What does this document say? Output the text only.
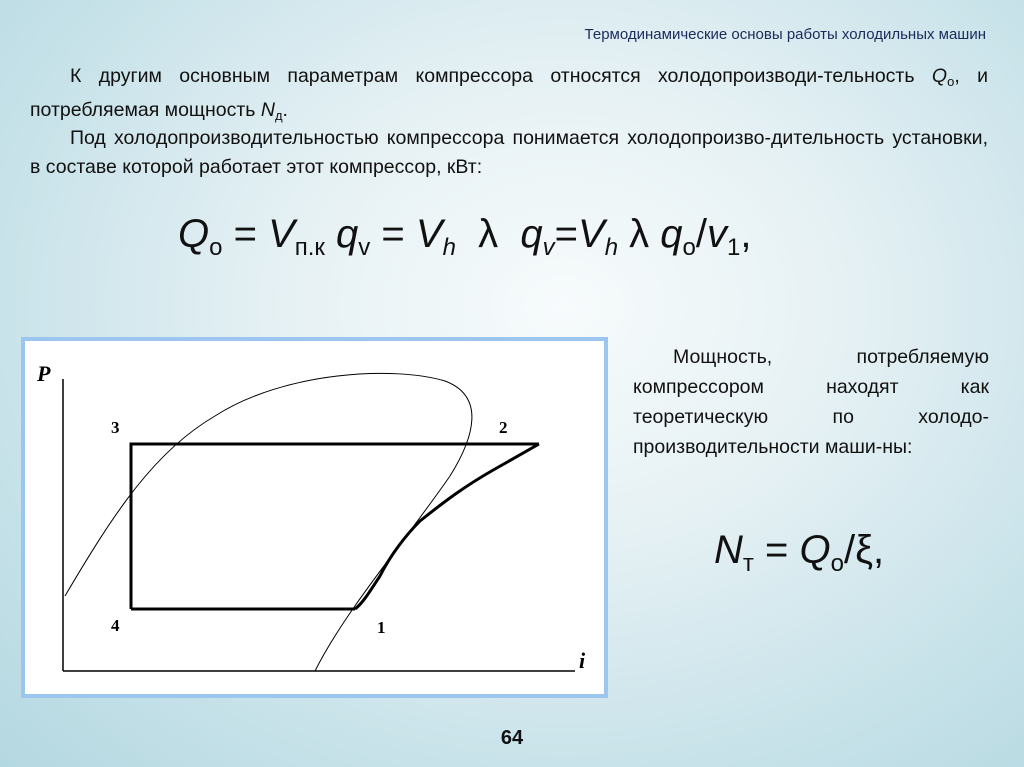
Термодинамические основы работы холодильных машин
К другим основным параметрам компрессора относятся холодопроизводи-тельность $Q_о$, и потребляемая мощность $N_д$.
Под холодопроизводительностью компрессора понимается холодопроизво-дительность установки, в составе которой работает этот компрессор, кВт:
$Q_о = V_{п.к}$ $q_v = V_h$  λ  $q_v=V_h$ λ $q_о/v_1$,
P
i
3	2
4	1
Мощность, потребляемую компрессором находят как теоретическую по холодо-производительности маши-ны:
$N_т = Q_о/\xi$,
64
